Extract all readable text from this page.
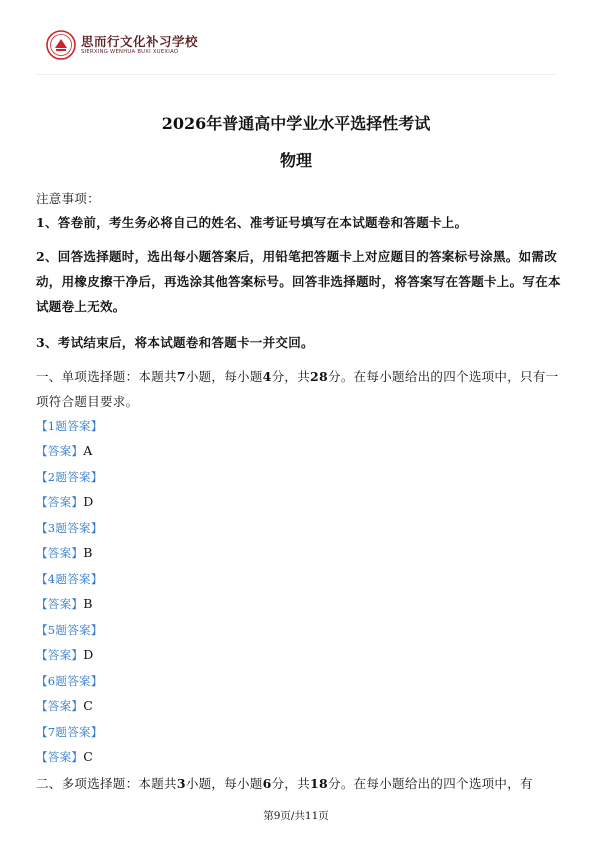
思而行文化补习学校
SIERXING WENHUA BUXI XUEXIAO
2026年普通高中学业水平选择性考试
物理
注意事项：
1、答卷前，考生务必将自己的姓名、准考证号填写在本试题卷和答题卡上。
2、回答选择题时，选出每小题答案后，用铅笔把答题卡上对应题目的答案标号涂黑。如需改动，用橡皮擦干净后，再选涂其他答案标号。回答非选择题时，将答案写在答题卡上。写在本试题卷上无效。
3、考试结束后，将本试题卷和答题卡一并交回。
一、单项选择题：本题共7小题，每小题4分，共28分。在每小题给出的四个选项中，只有一项符合题目要求。
【1题答案】
【答案】A
【2题答案】
【答案】D
【3题答案】
【答案】B
【4题答案】
【答案】B
【5题答案】
【答案】D
【6题答案】
【答案】C
【7题答案】
【答案】C
二、多项选择题：本题共3小题，每小题6分，共18分。在每小题给出的四个选项中，有
第9页/共11页
